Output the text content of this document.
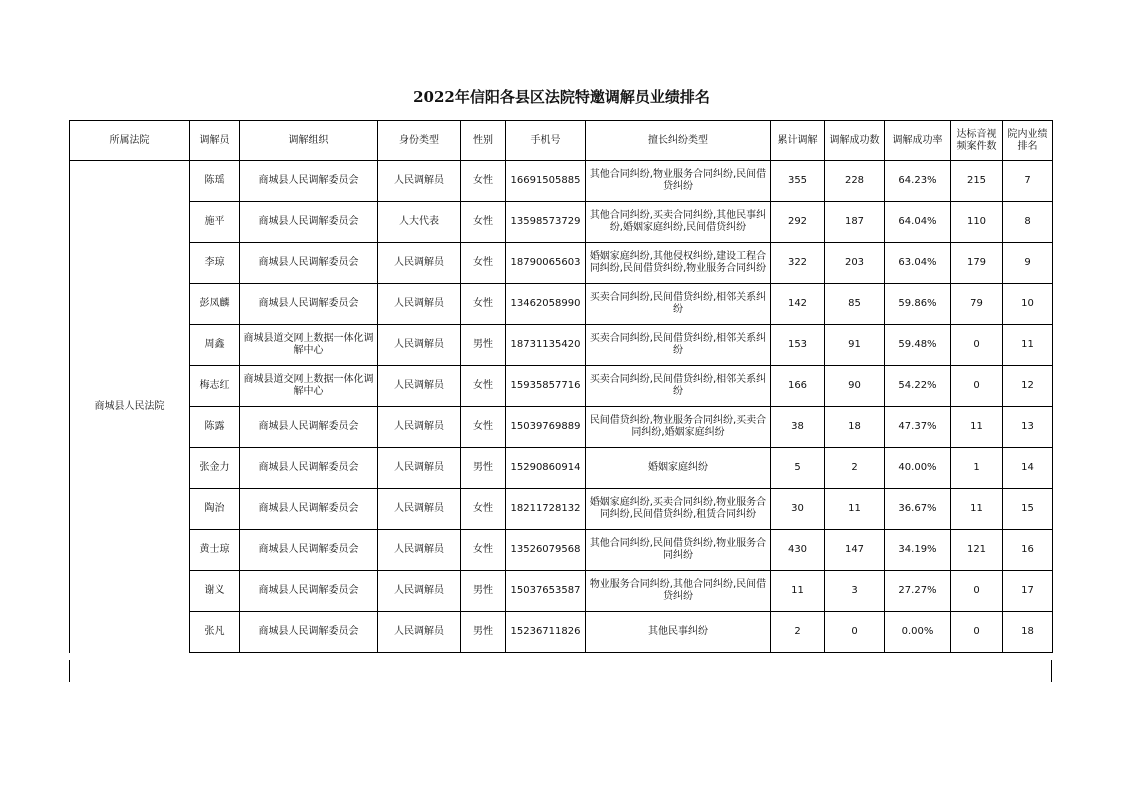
2022年信阳各县区法院特邀调解员业绩排名
所属法院	调解员	调解组织	身份类型	性别	手机号	擅长纠纷类型	累计调解	调解成功数	调解成功率	达标音视频案件数	院内业绩排名
商城县人民法院	陈瑶	商城县人民调解委员会	人民调解员	女性	16691505885	其他合同纠纷,物业服务合同纠纷,民间借贷纠纷	355	228	64.23%	215	7
	施平	商城县人民调解委员会	人大代表	女性	13598573729	其他合同纠纷,买卖合同纠纷,其他民事纠纷,婚姻家庭纠纷,民间借贷纠纷	292	187	64.04%	110	8
	李琼	商城县人民调解委员会	人民调解员	女性	18790065603	婚姻家庭纠纷,其他侵权纠纷,建设工程合同纠纷,民间借贷纠纷,物业服务合同纠纷	322	203	63.04%	179	9
	彭凤麟	商城县人民调解委员会	人民调解员	女性	13462058990	买卖合同纠纷,民间借贷纠纷,相邻关系纠纷	142	85	59.86%	79	10
	周鑫	商城县道交网上数据一体化调解中心	人民调解员	男性	18731135420	买卖合同纠纷,民间借贷纠纷,相邻关系纠纷	153	91	59.48%	0	11
	梅志红	商城县道交网上数据一体化调解中心	人民调解员	女性	15935857716	买卖合同纠纷,民间借贷纠纷,相邻关系纠纷	166	90	54.22%	0	12
	陈露	商城县人民调解委员会	人民调解员	女性	15039769889	民间借贷纠纷,物业服务合同纠纷,买卖合同纠纷,婚姻家庭纠纷	38	18	47.37%	11	13
	张金力	商城县人民调解委员会	人民调解员	男性	15290860914	婚姻家庭纠纷	5	2	40.00%	1	14
	陶治	商城县人民调解委员会	人民调解员	女性	18211728132	婚姻家庭纠纷,买卖合同纠纷,物业服务合同纠纷,民间借贷纠纷,租赁合同纠纷	30	11	36.67%	11	15
	黄士琼	商城县人民调解委员会	人民调解员	女性	13526079568	其他合同纠纷,民间借贷纠纷,物业服务合同纠纷	430	147	34.19%	121	16
	谢义	商城县人民调解委员会	人民调解员	男性	15037653587	物业服务合同纠纷,其他合同纠纷,民间借贷纠纷	11	3	27.27%	0	17
	张凡	商城县人民调解委员会	人民调解员	男性	15236711826	其他民事纠纷	2	0	0.00%	0	18
